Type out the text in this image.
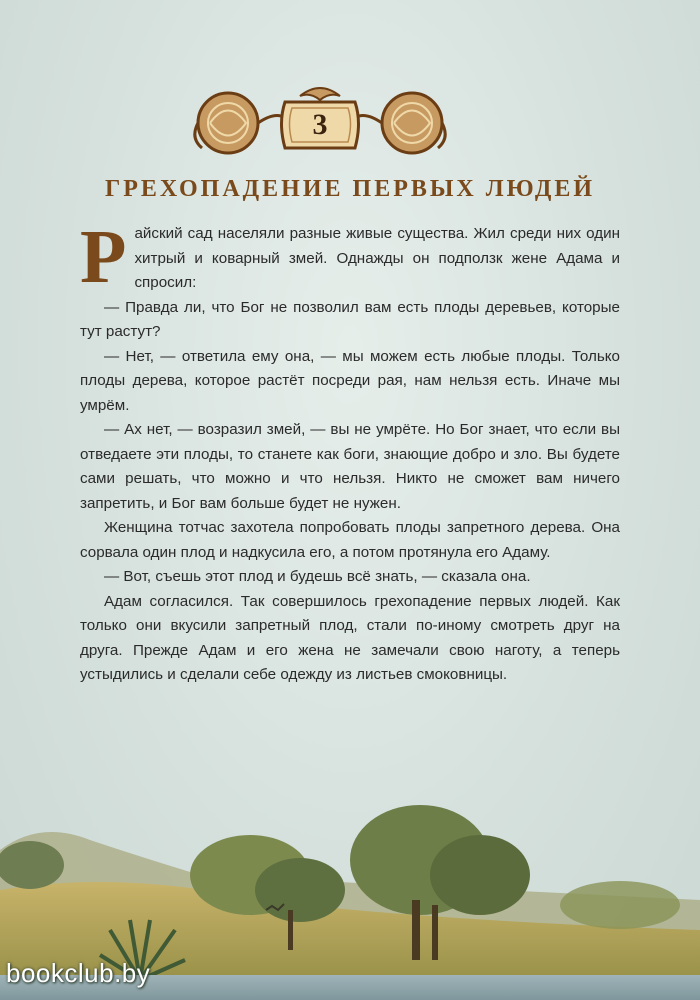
3
ГРЕХОПАДЕНИЕ ПЕРВЫХ ЛЮДЕЙ

Райский сад населяли разные живые существа. Жил среди них один хитрый и коварный змей. Однажды он подползк жене Адама и спросил:

— Правда ли, что Бог не позволил вам есть плоды деревьев, которые тут растут?

— Нет, — ответила ему она, — мы можем есть любые плоды. Только плоды дерева, которое растёт посреди рая, нам нельзя есть. Иначе мы умрём.

— Ах нет, — возразил змей, — вы не умрёте. Но Бог знает, что если вы отведаете эти плоды, то станете как боги, знающие добро и зло. Вы будете сами решать, что можно и что нельзя. Никто не сможет вам ничего запретить, и Бог вам больше будет не нужен.

Женщина тотчас захотела попробовать плоды запретного дерева. Она сорвала один плод и надкусила его, а потом протянула его Адаму.

— Вот, съешь этот плод и будешь всё знать, — сказала она.

Адам согласился. Так совершилось грехопадение первых людей. Как только они вкусили запретный плод, стали по-иному смотреть друг на друга. Прежде Адам и его жена не замечали свою наготу, а теперь устыдились и сделали себе одежду из листьев смоковницы.

bookclub.by
